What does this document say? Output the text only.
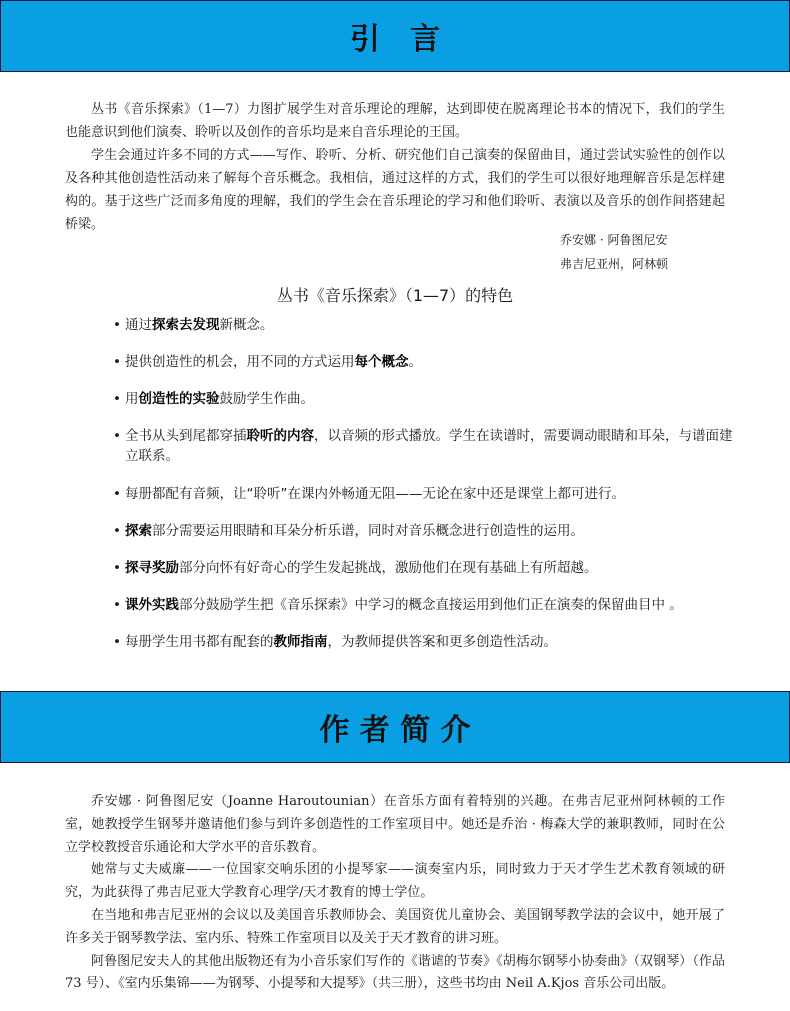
引　言

丛书《音乐探索》（1—7）力图扩展学生对音乐理论的理解，达到即使在脱离理论书本的情况下，我们的学生也能意识到他们演奏、聆听以及创作的音乐均是来自音乐理论的王国。

学生会通过许多不同的方式——写作、聆听、分析、研究他们自己演奏的保留曲目，通过尝试实验性的创作以及各种其他创造性活动来了解每个音乐概念。我相信，通过这样的方式，我们的学生可以很好地理解音乐是怎样建构的。基于这些广泛而多角度的理解，我们的学生会在音乐理论的学习和他们聆听、表演以及音乐的创作间搭建起桥梁。

乔安娜 · 阿鲁图尼安
弗吉尼亚州，阿林顿
丛书《音乐探索》（1—7）的特色
• 通过探索去发现新概念。
• 提供创造性的机会，用不同的方式运用每个概念。
• 用创造性的实验鼓励学生作曲。
• 全书从头到尾都穿插聆听的内容，以音频的形式播放。学生在读谱时，需要调动眼睛和耳朵，与谱面建立联系。
• 每册都配有音频，让“聆听”在课内外畅通无阻——无论在家中还是课堂上都可进行。
• 探索部分需要运用眼睛和耳朵分析乐谱，同时对音乐概念进行创造性的运用。
• 探寻奖励部分向怀有好奇心的学生发起挑战，激励他们在现有基础上有所超越。
• 课外实践部分鼓励学生把《音乐探索》中学习的概念直接运用到他们正在演奏的保留曲目中 。
• 每册学生用书都有配套的教师指南，为教师提供答案和更多创造性活动。
作 者 简 介

乔安娜 · 阿鲁图尼安（Joanne Haroutounian）在音乐方面有着特别的兴趣。在弗吉尼亚州阿林顿的工作室，她教授学生钢琴并邀请他们参与到许多创造性的工作室项目中。她还是乔治 · 梅森大学的兼职教师，同时在公立学校教授音乐通论和大学水平的音乐教育。

她常与丈夫威廉——一位国家交响乐团的小提琴家——演奏室内乐，同时致力于天才学生艺术教育领域的研究，为此获得了弗吉尼亚大学教育心理学/天才教育的博士学位。

在当地和弗吉尼亚州的会议以及美国音乐教师协会、美国资优儿童协会、美国钢琴教学法的会议中，她开展了许多关于钢琴教学法、室内乐、特殊工作室项目以及关于天才教育的讲习班。

阿鲁图尼安夫人的其他出版物还有为小音乐家们写作的《谐谑的节奏》《胡梅尔钢琴小协奏曲》（双钢琴）（作品 73 号）、《室内乐集锦——为钢琴、小提琴和大提琴》（共三册），这些书均由 Neil A.Kjos 音乐公司出版。
